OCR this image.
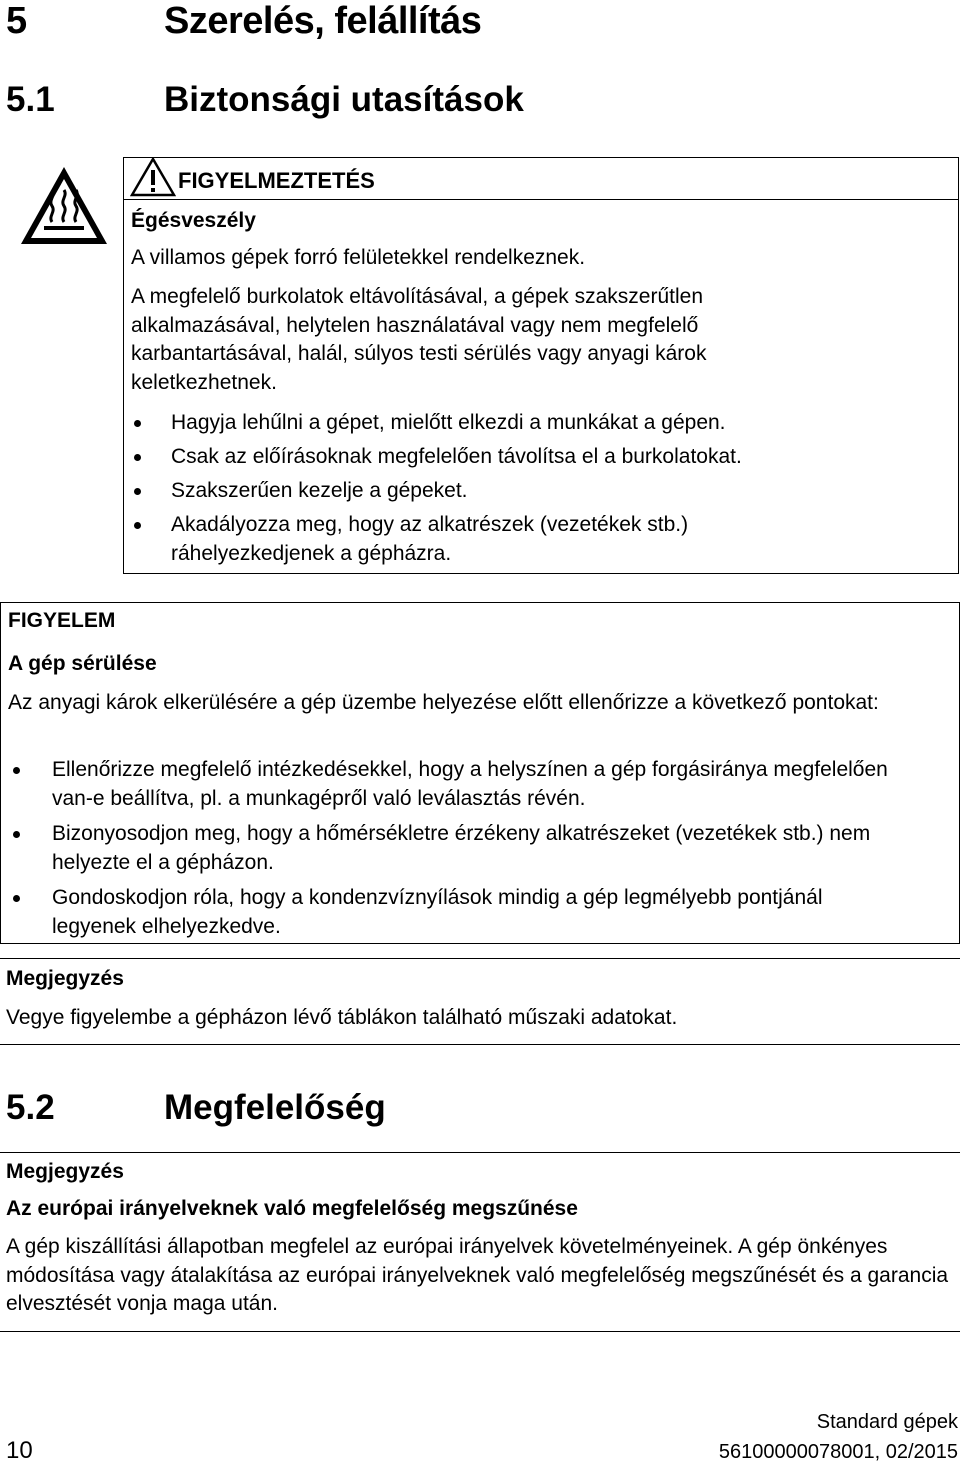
5	Szerelés, felállítás
5.1	Biztonsági utasítások
FIGYELMEZTETÉS
Égésveszély
A villamos gépek forró felületekkel rendelkeznek.
A megfelelő burkolatok eltávolításával, a gépek szakszerűtlen alkalmazásával, helytelen használatával vagy nem megfelelő karbantartásával, halál, súlyos testi sérülés vagy anyagi károk keletkezhetnek.
Hagyja lehűlni a gépet, mielőtt elkezdi a munkákat a gépen.
Csak az előírásoknak megfelelően távolítsa el a burkolatokat.
Szakszerűen kezelje a gépeket.
Akadályozza meg, hogy az alkatrészek (vezetékek stb.) ráhelyezkedjenek a gépházra.
FIGYELEM
A gép sérülése
Az anyagi károk elkerülésére a gép üzembe helyezése előtt ellenőrizze a következő pontokat:
Ellenőrizze megfelelő intézkedésekkel, hogy a helyszínen a gép forgásiránya megfelelően van-e beállítva, pl. a munkagépről való leválasztás révén.
Bizonyosodjon meg, hogy a hőmérsékletre érzékeny alkatrészeket (vezetékek stb.) nem helyezte el a gépházon.
Gondoskodjon róla, hogy a kondenzvíznyílások mindig a gép legmélyebb pontjánál legyenek elhelyezkedve.
Megjegyzés
Vegye figyelembe a gépházon lévő táblákon található műszaki adatokat.
5.2	Megfelelőség
Megjegyzés
Az európai irányelveknek való megfelelőség megszűnése
A gép kiszállítási állapotban megfelel az európai irányelvek követelményeinek. A gép önkényes módosítása vagy átalakítása az európai irányelveknek való megfelelőség megszűnését és a garancia elvesztését vonja maga után.
10
Standard gépek
56100000078001, 02/2015
